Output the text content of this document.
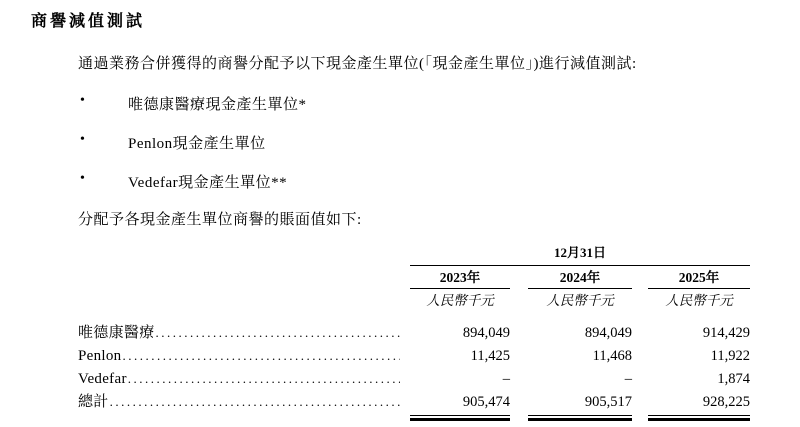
商譽減值測試

通過業務合併獲得的商譽分配予以下現金產生單位(「現金產生單位」)進行減值測試:

•	唯德康醫療現金產生單位*
•	Penlon現金產生單位
•	Vedefar現金產生單位**

分配予各現金產生單位商譽的賬面值如下:

12月31日
2023年	2024年	2025年
人民幣千元	人民幣千元	人民幣千元
唯德康醫療 .....	894,049	894,049	914,429
Penlon .....	11,425	11,468	11,922
Vedefar .....	–	–	1,874
總計 .....	905,474	905,517	928,225
